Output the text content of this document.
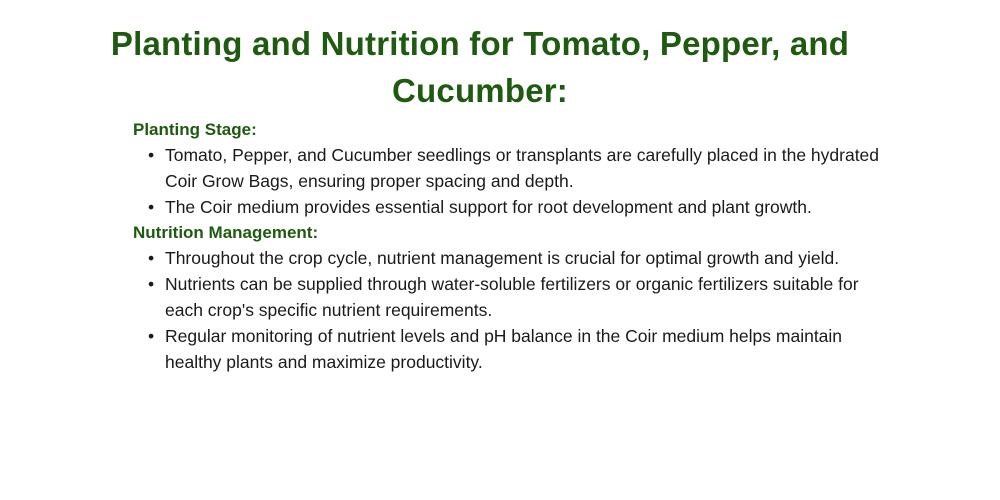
Planting and Nutrition for Tomato, Pepper, and Cucumber:
Planting Stage:
• Tomato, Pepper, and Cucumber seedlings or transplants are carefully placed in the hydrated Coir Grow Bags, ensuring proper spacing and depth.
• The Coir medium provides essential support for root development and plant growth.
Nutrition Management:
• Throughout the crop cycle, nutrient management is crucial for optimal growth and yield.
• Nutrients can be supplied through water-soluble fertilizers or organic fertilizers suitable for each crop's specific nutrient requirements.
• Regular monitoring of nutrient levels and pH balance in the Coir medium helps maintain healthy plants and maximize productivity.
